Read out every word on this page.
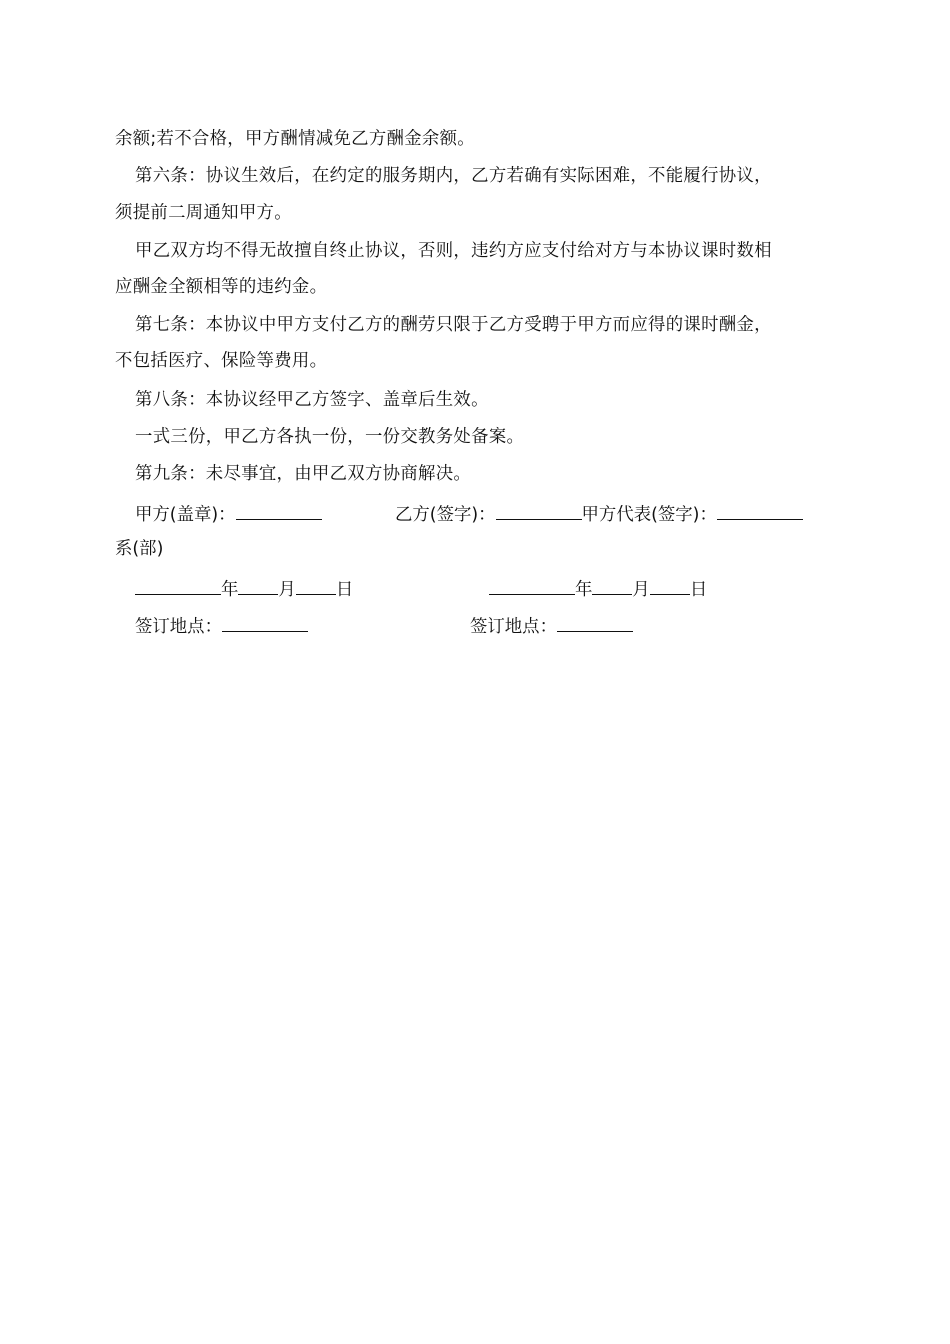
余额;若不合格，甲方酬情减免乙方酬金余额。
第六条：协议生效后，在约定的服务期内，乙方若确有实际困难，不能履行协议，
须提前二周通知甲方。
甲乙双方均不得无故擅自终止协议，否则，违约方应支付给对方与本协议课时数相
应酬金全额相等的违约金。
第七条：本协议中甲方支付乙方的酬劳只限于乙方受聘于甲方而应得的课时酬金，
不包括医疗、保险等费用。
第八条：本协议经甲乙方签字、盖章后生效。
一式三份，甲乙方各执一份，一份交教务处备案。
第九条：未尽事宜，由甲乙双方协商解决。
甲方(盖章)：	乙方(签字)：	甲方代表(签字)：
系(部)
年 月 日	年 月 日
签订地点：	签订地点：
